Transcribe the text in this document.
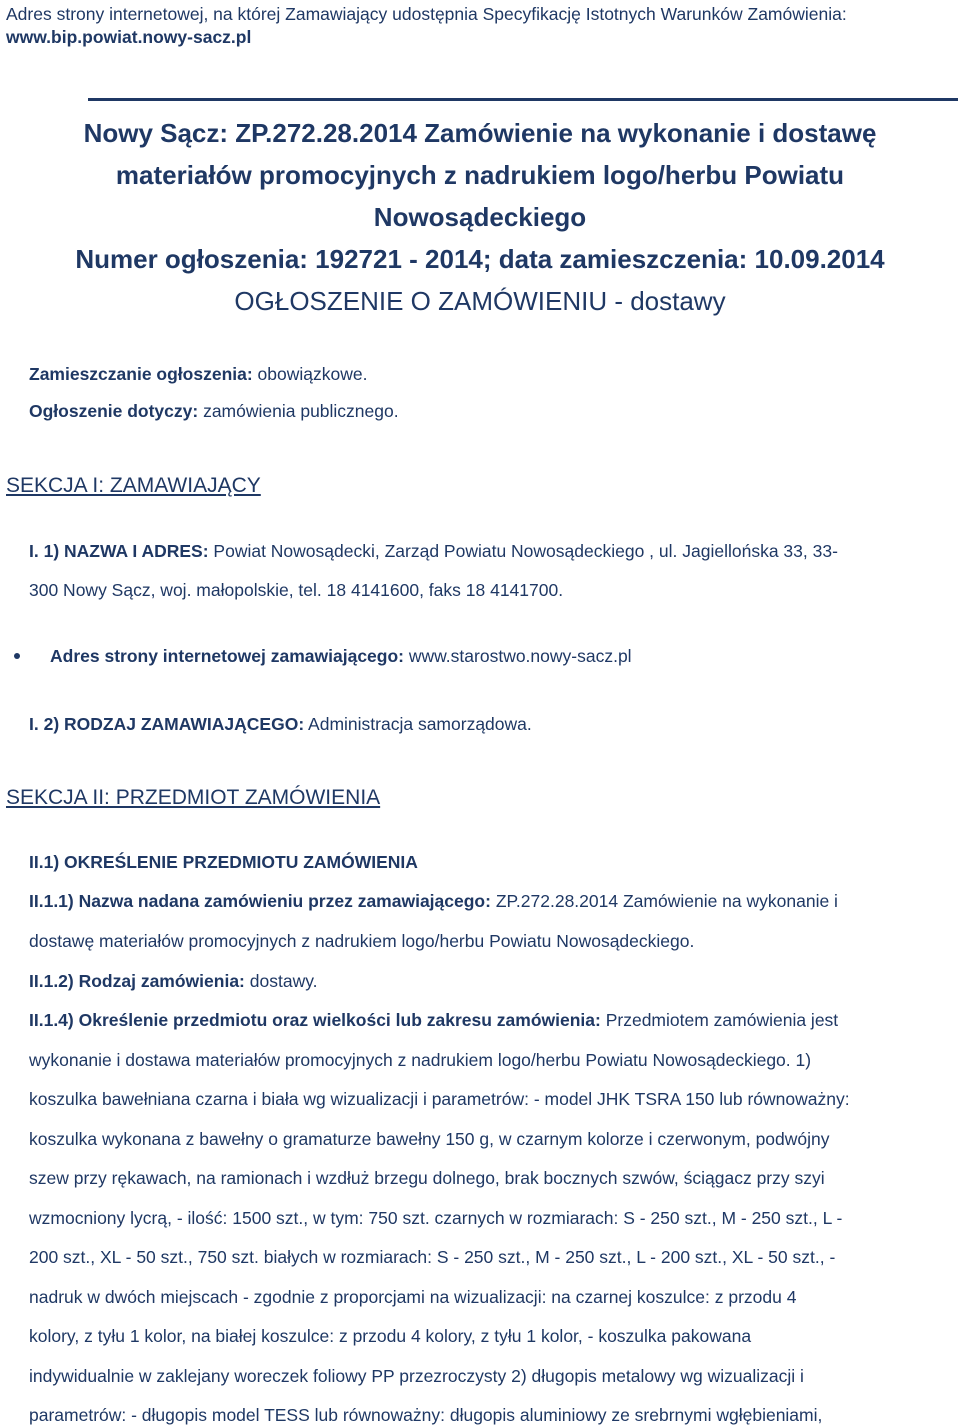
Adres strony internetowej, na której Zamawiający udostępnia Specyfikację Istotnych Warunków Zamówienia:
www.bip.powiat.nowy-sacz.pl
Nowy Sącz: ZP.272.28.2014 Zamówienie na wykonanie i dostawę
materiałów promocyjnych z nadrukiem logo/herbu Powiatu
Nowosądeckiego
Numer ogłoszenia: 192721 - 2014; data zamieszczenia: 10.09.2014
OGŁOSZENIE O ZAMÓWIENIU - dostawy
Zamieszczanie ogłoszenia: obowiązkowe.
Ogłoszenie dotyczy: zamówienia publicznego.
SEKCJA I: ZAMAWIAJĄCY
I. 1) NAZWA I ADRES: Powiat Nowosądecki, Zarząd Powiatu Nowosądeckiego , ul. Jagiellońska 33, 33-
300 Nowy Sącz, woj. małopolskie, tel. 18 4141600, faks 18 4141700.
Adres strony internetowej zamawiającego: www.starostwo.nowy-sacz.pl
I. 2) RODZAJ ZAMAWIAJĄCEGO: Administracja samorządowa.
SEKCJA II: PRZEDMIOT ZAMÓWIENIA
II.1) OKREŚLENIE PRZEDMIOTU ZAMÓWIENIA
II.1.1) Nazwa nadana zamówieniu przez zamawiającego: ZP.272.28.2014 Zamówienie na wykonanie i
dostawę materiałów promocyjnych z nadrukiem logo/herbu Powiatu Nowosądeckiego.
II.1.2) Rodzaj zamówienia: dostawy.
II.1.4) Określenie przedmiotu oraz wielkości lub zakresu zamówienia: Przedmiotem zamówienia jest
wykonanie i dostawa materiałów promocyjnych z nadrukiem logo/herbu Powiatu Nowosądeckiego. 1)
koszulka bawełniana czarna i biała wg wizualizacji i parametrów: - model JHK TSRA 150 lub równoważny:
koszulka wykonana z bawełny o gramaturze bawełny 150 g, w czarnym kolorze i czerwonym, podwójny
szew przy rękawach, na ramionach i wzdłuż brzegu dolnego, brak bocznych szwów, ściągacz przy szyi
wzmocniony lycrą, - ilość: 1500 szt., w tym: 750 szt. czarnych w rozmiarach: S - 250 szt., M - 250 szt., L -
200 szt., XL - 50 szt., 750 szt. białych w rozmiarach: S - 250 szt., M - 250 szt., L - 200 szt., XL - 50 szt., -
nadruk w dwóch miejscach - zgodnie z proporcjami na wizualizacji: na czarnej koszulce: z przodu 4
kolory, z tyłu 1 kolor, na białej koszulce: z przodu 4 kolory, z tyłu 1 kolor, - koszulka pakowana
indywidualnie w zaklejany woreczek foliowy PP przezroczysty 2) długopis metalowy wg wizualizacji i
parametrów: - długopis model TESS lub równoważny: długopis aluminiowy ze srebrnymi wgłębieniami,
